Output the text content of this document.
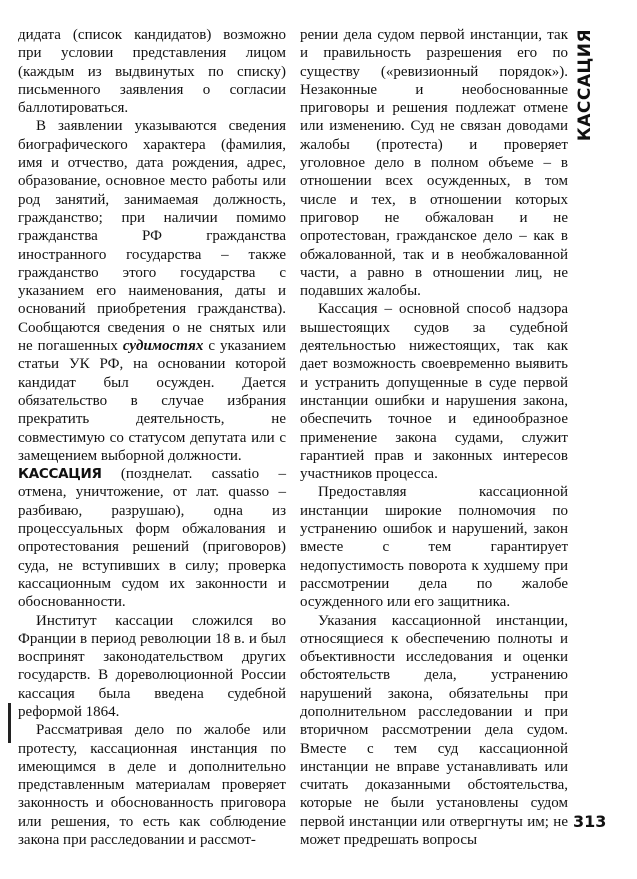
дидата (список кандидатов) возможно при условии представления лицом (каждым из выдвинутых по списку) письменного заявления о согласии баллотироваться.

В заявлении указываются сведения биографического характера (фамилия, имя и отчество, дата рождения, адрес, образование, основное место работы или род занятий, занимаемая должность, гражданство; при наличии помимо гражданства РФ гражданства иностранного государства – также гражданство этого государства с указанием его наименования, даты и оснований приобретения гражданства). Сообщаются сведения о не снятых или не погашенных судимостях с указанием статьи УК РФ, на основании которой кандидат был осужден. Дается обязательство в случае избрания прекратить деятельность, не совместимую со статусом депутата или с замещением выборной должности.

КАССАЦИЯ (позднелат. cassatio – отмена, уничтожение, от лат. quasso – разбиваю, разрушаю), одна из процессуальных форм обжалования и опротестования решений (приговоров) суда, не вступивших в силу; проверка кассационным судом их законности и обоснованности.

Институт кассации сложился во Франции в период революции 18 в. и был воспринят законодательством других государств. В дореволюционной России кассация была введена судебной реформой 1864.

Рассматривая дело по жалобе или протесту, кассационная инстанция по имеющимся в деле и дополнительно представленным материалам проверяет законность и обоснованность приговора или решения, то есть как соблюдение закона при расследовании и рассмот-

рении дела судом первой инстанции, так и правильность разрешения его по существу («ревизионный порядок»). Незаконные и необоснованные приговоры и решения подлежат отмене или изменению. Суд не связан доводами жалобы (протеста) и проверяет уголовное дело в полном объеме – в отношении всех осужденных, в том числе и тех, в отношении которых приговор не обжалован и не опротестован, гражданское дело – как в обжалованной, так и в необжалованной части, а равно в отношении лиц, не подавших жалобы.

Кассация – основной способ надзора вышестоящих судов за судебной деятельностью нижестоящих, так как дает возможность своевременно выявить и устранить допущенные в суде первой инстанции ошибки и нарушения закона, обеспечить точное и единообразное применение закона судами, служит гарантией прав и законных интересов участников процесса.

Предоставляя кассационной инстанции широкие полномочия по устранению ошибок и нарушений, закон вместе с тем гарантирует недопустимость поворота к худшему при рассмотрении дела по жалобе осужденного или его защитника.

Указания кассационной инстанции, относящиеся к обеспечению полноты и объективности исследования и оценки обстоятельств дела, устранению нарушений закона, обязательны при дополнительном расследовании и при вторичном рассмотрении дела судом. Вместе с тем суд кассационной инстанции не вправе устанавливать или считать доказанными обстоятельства, которые не были установлены судом первой инстанции или отвергнуты им; не может предрешать вопросы

КАССАЦИЯ
313
